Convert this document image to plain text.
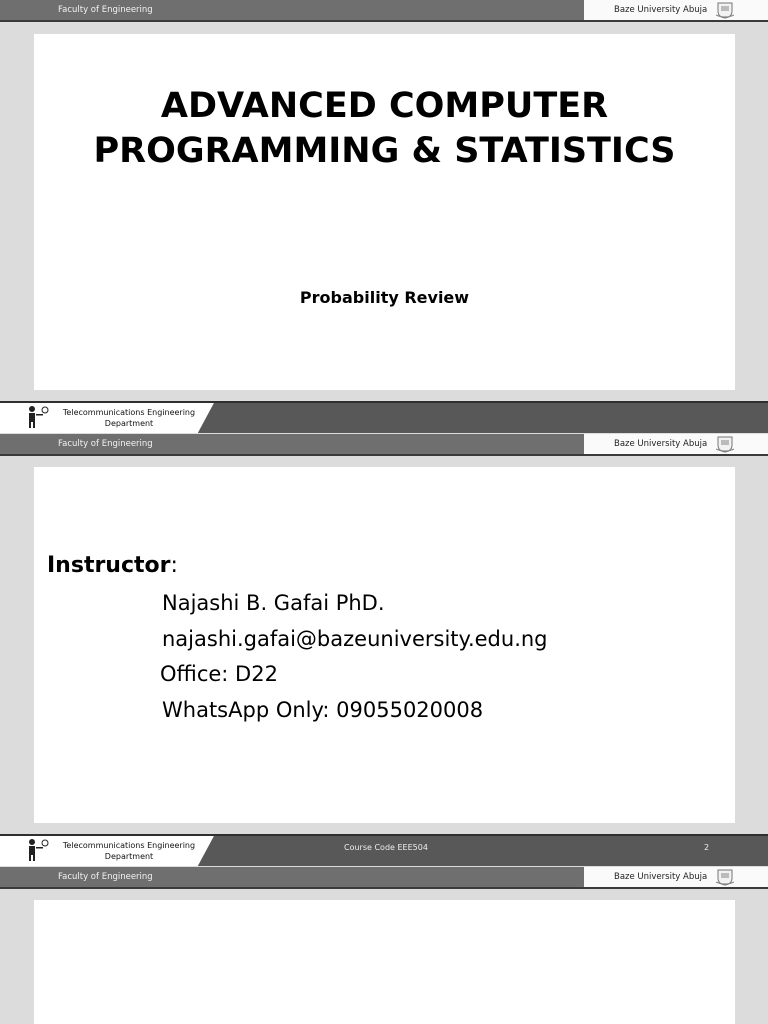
Faculty of Engineering	Baze University Abuja
ADVANCED COMPUTER PROGRAMMING & STATISTICS
Probability Review
Telecommunications Engineering Department
Faculty of Engineering	Baze University Abuja
Instructor:
Najashi B. Gafai PhD.
najashi.gafai@bazeuniversity.edu.ng
Office: D22
WhatsApp Only: 09055020008
Telecommunications Engineering Department
Course Code EEE504	2
Faculty of Engineering	Baze University Abuja
